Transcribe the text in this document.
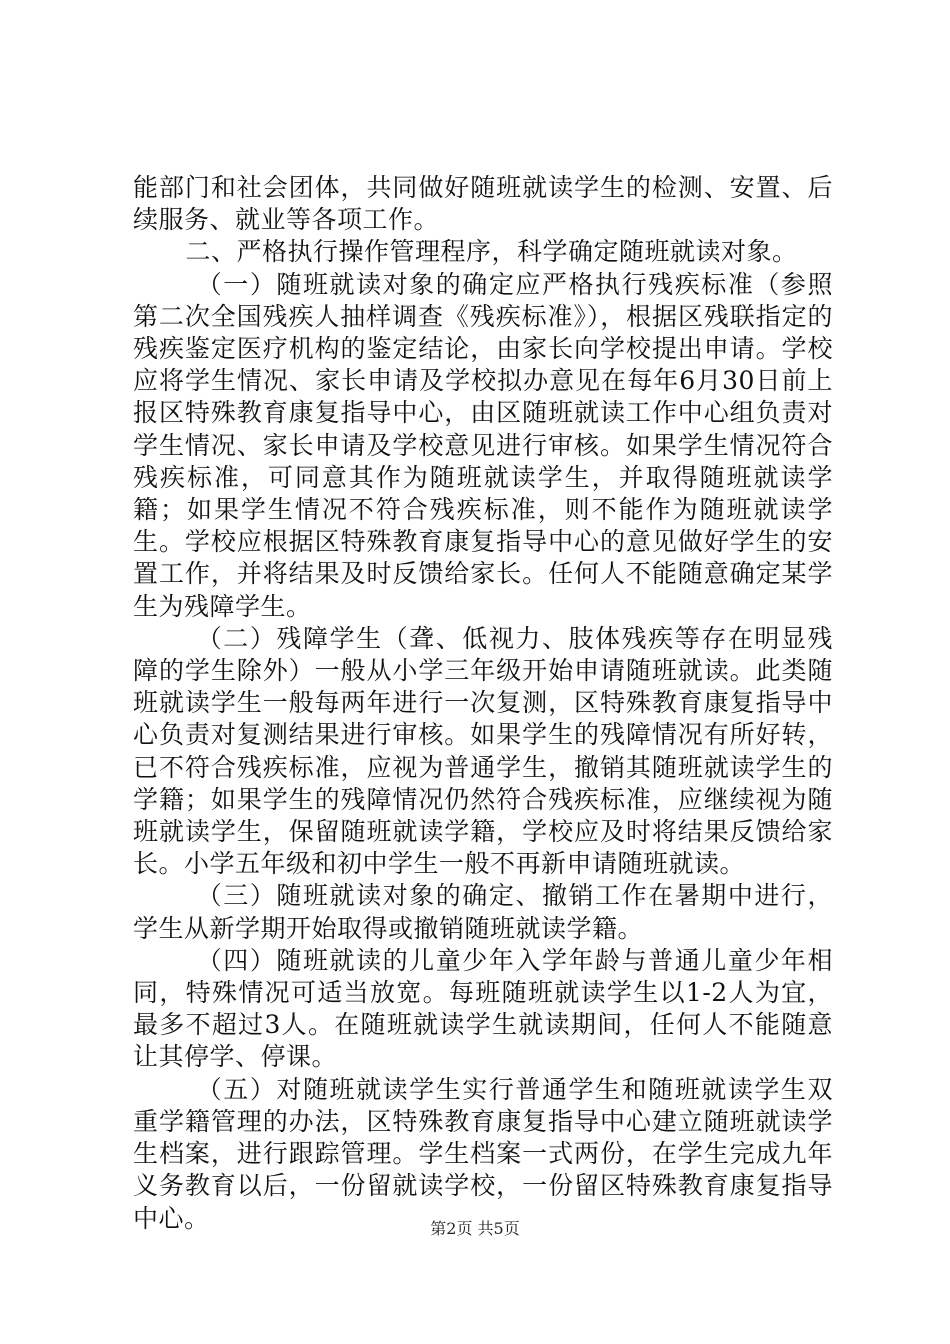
能部门和社会团体，共同做好随班就读学生的检测、安置、后续服务、就业等各项工作。

二、严格执行操作管理程序，科学确定随班就读对象。

（一）随班就读对象的确定应严格执行残疾标准（参照第二次全国残疾人抽样调查《残疾标准》），根据区残联指定的残疾鉴定医疗机构的鉴定结论，由家长向学校提出申请。学校应将学生情况、家长申请及学校拟办意见在每年6月30日前上报区特殊教育康复指导中心，由区随班就读工作中心组负责对学生情况、家长申请及学校意见进行审核。如果学生情况符合残疾标准，可同意其作为随班就读学生，并取得随班就读学籍；如果学生情况不符合残疾标准，则不能作为随班就读学生。学校应根据区特殊教育康复指导中心的意见做好学生的安置工作，并将结果及时反馈给家长。任何人不能随意确定某学生为残障学生。

（二）残障学生（聋、低视力、肢体残疾等存在明显残障的学生除外）一般从小学三年级开始申请随班就读。此类随班就读学生一般每两年进行一次复测，区特殊教育康复指导中心负责对复测结果进行审核。如果学生的残障情况有所好转，已不符合残疾标准，应视为普通学生，撤销其随班就读学生的学籍；如果学生的残障情况仍然符合残疾标准，应继续视为随班就读学生，保留随班就读学籍，学校应及时将结果反馈给家长。小学五年级和初中学生一般不再新申请随班就读。

（三）随班就读对象的确定、撤销工作在暑期中进行，学生从新学期开始取得或撤销随班就读学籍。

（四）随班就读的儿童少年入学年龄与普通儿童少年相同，特殊情况可适当放宽。每班随班就读学生以1-2人为宜，最多不超过3人。在随班就读学生就读期间，任何人不能随意让其停学、停课。

（五）对随班就读学生实行普通学生和随班就读学生双重学籍管理的办法，区特殊教育康复指导中心建立随班就读学生档案，进行跟踪管理。学生档案一式两份，在学生完成九年义务教育以后，一份留就读学校，一份留区特殊教育康复指导中心。	第2页 共5页
